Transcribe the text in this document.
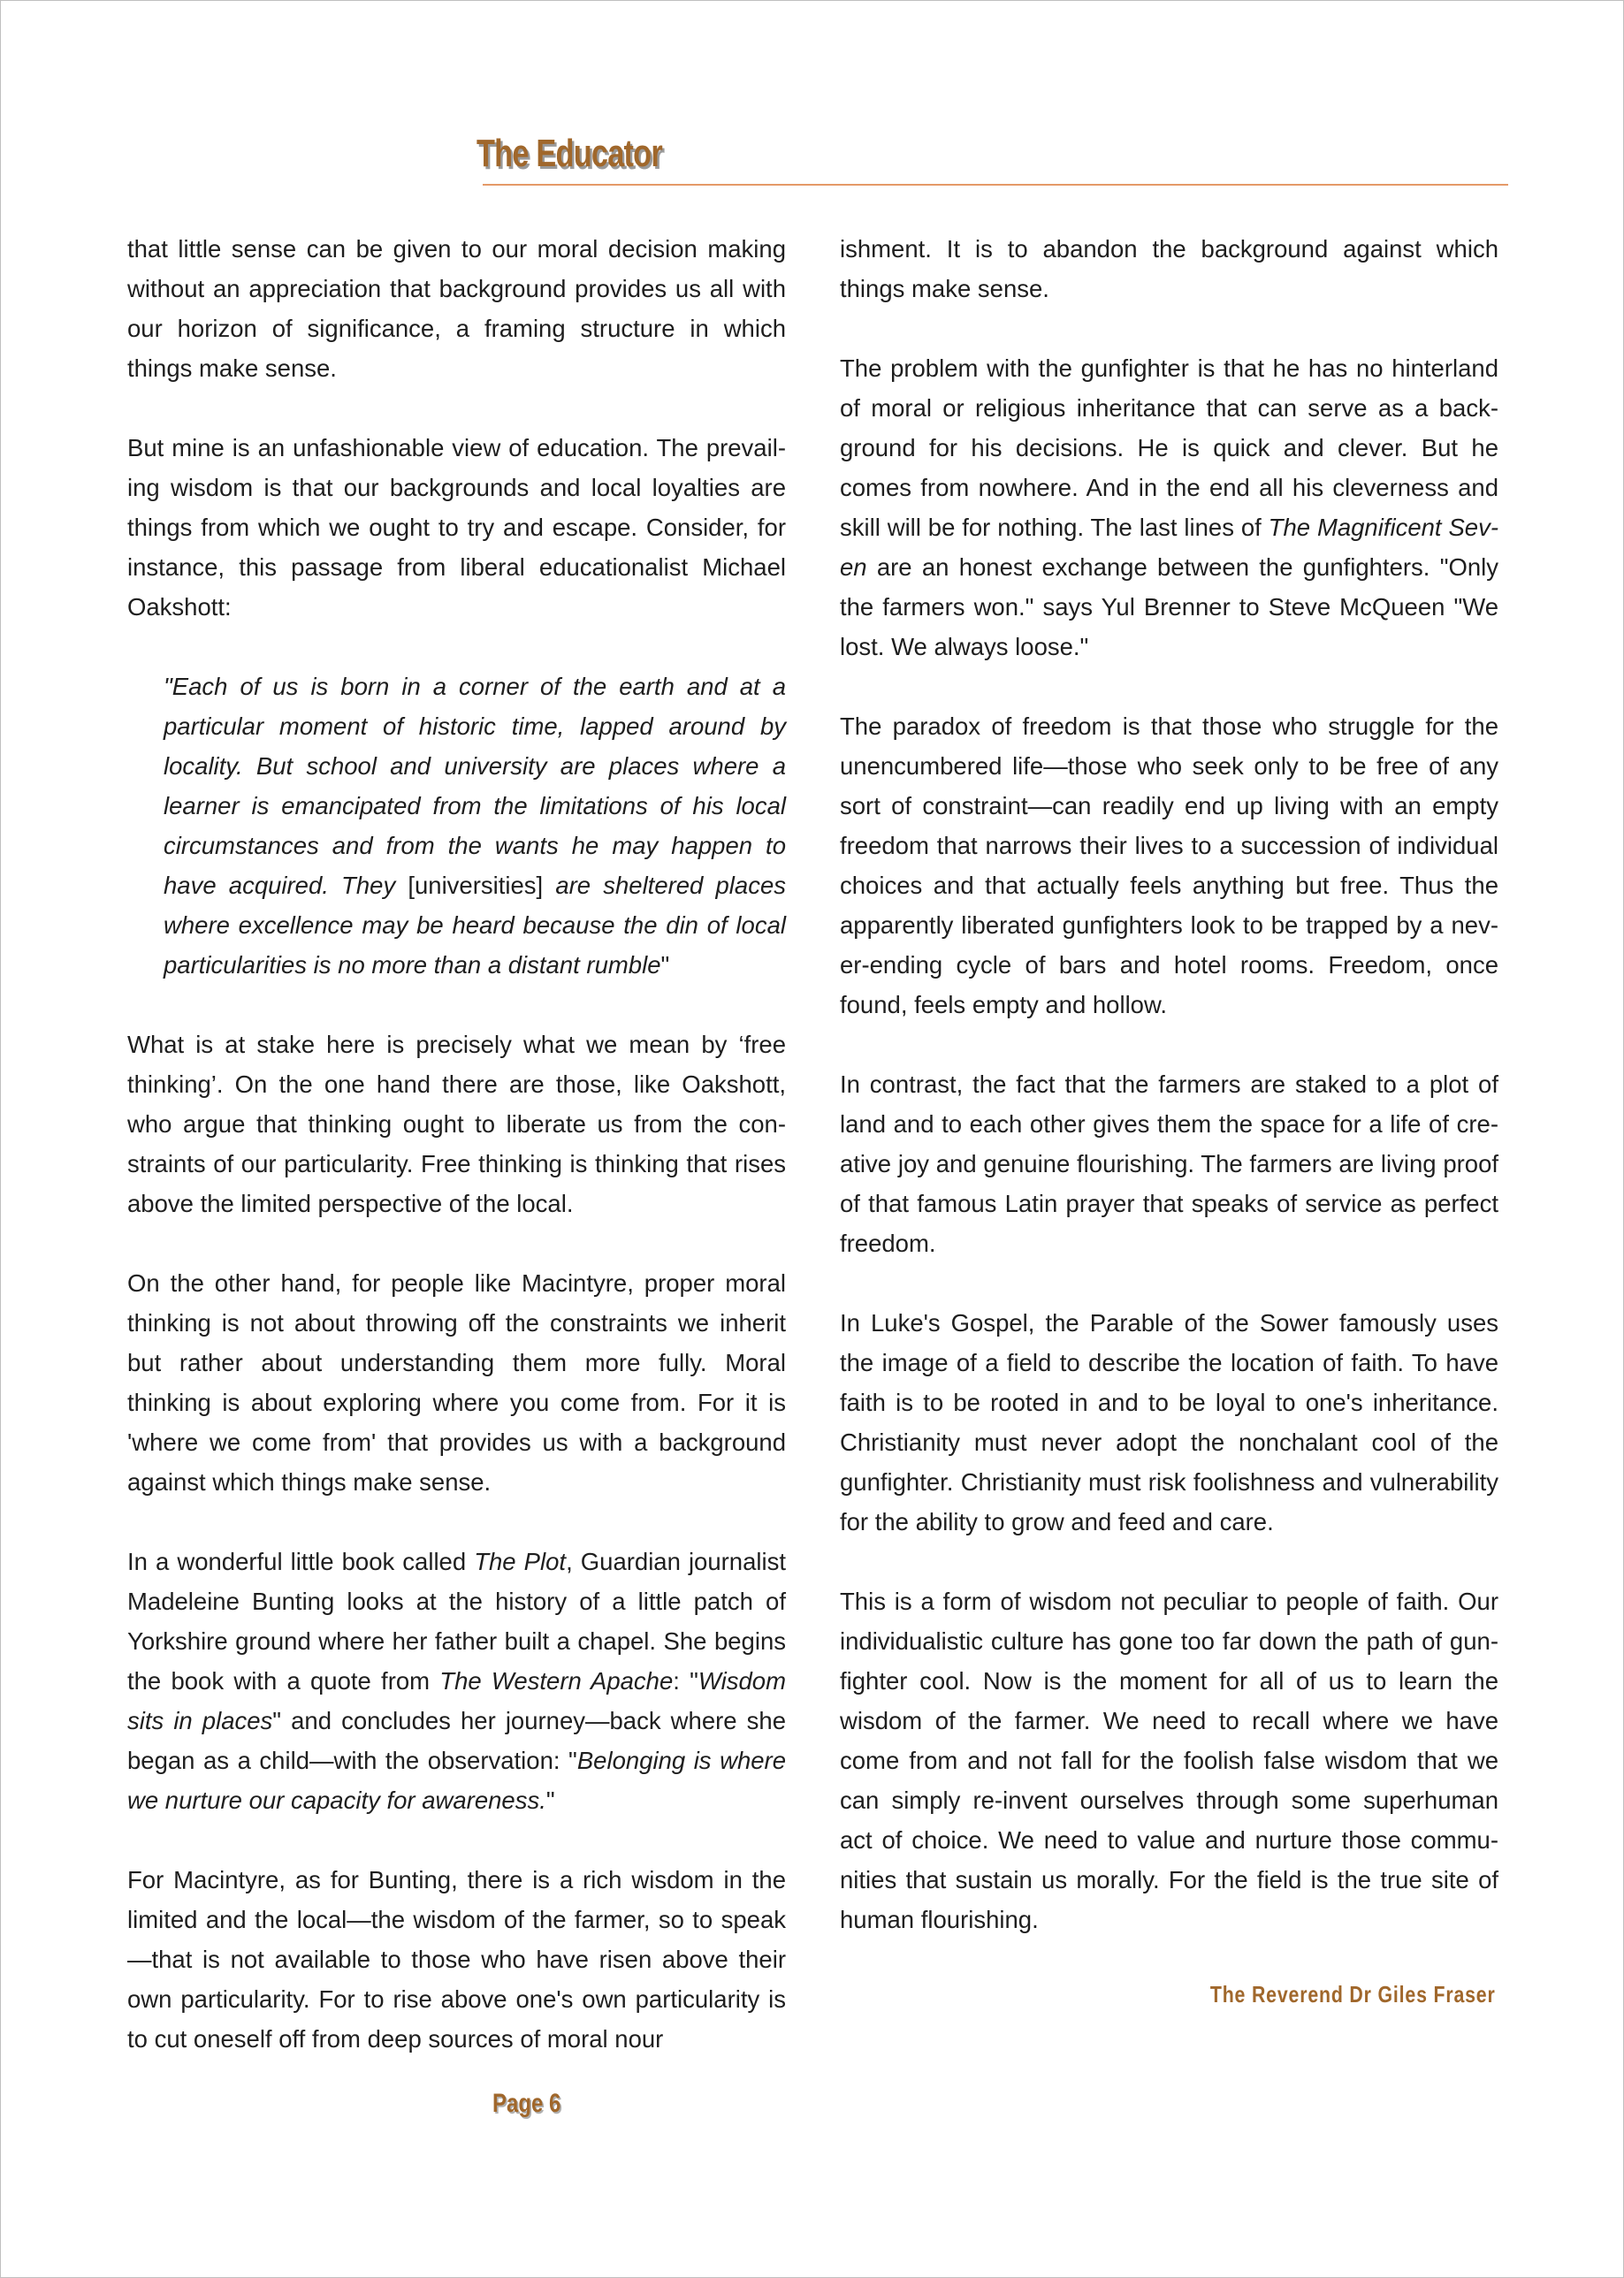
The Educator

that little sense can be given to our moral decision making without an appreciation that background provides us all with our horizon of significance, a framing structure in which things make sense.

But mine is an unfashionable view of education. The prevailing wisdom is that our backgrounds and local loyalties are things from which we ought to try and escape. Consider, for instance, this passage from liberal educationalist Michael Oakshott:

"Each of us is born in a corner of the earth and at a particular moment of historic time, lapped around by locality. But school and university are places where a learner is emancipated from the limitations of his local circumstances and from the wants he may happen to have acquired. They [universities] are sheltered places where excellence may be heard because the din of local particularities is no more than a distant rumble"

What is at stake here is precisely what we mean by ‘free thinking’. On the one hand there are those, like Oakshott, who argue that thinking ought to liberate us from the constraints of our particularity. Free thinking is thinking that rises above the limited perspective of the local.

On the other hand, for people like Macintyre, proper moral thinking is not about throwing off the constraints we inherit but rather about understanding them more fully. Moral thinking is about exploring where you come from. For it is 'where we come from' that provides us with a background against which things make sense.

In a wonderful little book called The Plot, Guardian journalist Madeleine Bunting looks at the history of a little patch of Yorkshire ground where her father built a chapel. She begins the book with a quote from The Western Apache: "Wisdom sits in places" and concludes her journey—back where she began as a child—with the observation: "Belonging is where we nurture our capacity for awareness."

For Macintyre, as for Bunting, there is a rich wisdom in the limited and the local—the wisdom of the farmer, so to speak—that is not available to those who have risen above their own particularity. For to rise above one's own particularity is to cut oneself off from deep sources of moral nour

ishment. It is to abandon the background against which things make sense.

The problem with the gunfighter is that he has no hinterland of moral or religious inheritance that can serve as a background for his decisions. He is quick and clever. But he comes from nowhere. And in the end all his cleverness and skill will be for nothing. The last lines of The Magnificent Seven are an honest exchange between the gunfighters. "Only the farmers won." says Yul Brenner to Steve McQueen "We lost. We always loose."

The paradox of freedom is that those who struggle for the unencumbered life—those who seek only to be free of any sort of constraint—can readily end up living with an empty freedom that narrows their lives to a succession of individual choices and that actually feels anything but free. Thus the apparently liberated gunfighters look to be trapped by a never-ending cycle of bars and hotel rooms. Freedom, once found, feels empty and hollow.

In contrast, the fact that the farmers are staked to a plot of land and to each other gives them the space for a life of creative joy and genuine flourishing. The farmers are living proof of that famous Latin prayer that speaks of service as perfect freedom.

In Luke's Gospel, the Parable of the Sower famously uses the image of a field to describe the location of faith. To have faith is to be rooted in and to be loyal to one's inheritance. Christianity must never adopt the nonchalant cool of the gunfighter. Christianity must risk foolishness and vulnerability for the ability to grow and feed and care.

This is a form of wisdom not peculiar to people of faith. Our individualistic culture has gone too far down the path of gunfighter cool. Now is the moment for all of us to learn the wisdom of the farmer. We need to recall where we have come from and not fall for the foolish false wisdom that we can simply re-invent ourselves through some superhuman act of choice. We need to value and nurture those communities that sustain us morally. For the field is the true site of human flourishing.

The Reverend Dr Giles Fraser
Page 6
